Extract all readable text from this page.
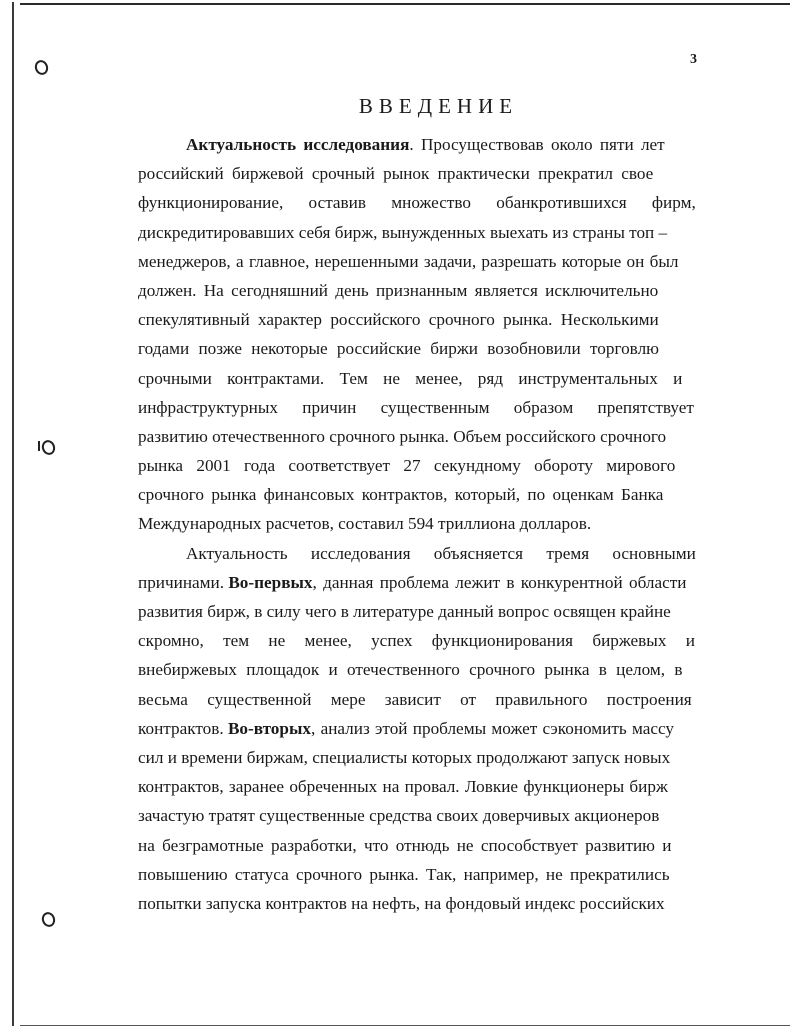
3
ВВЕДЕНИЕ
Актуальность исследования . Просуществовав около пяти лет
российский биржевой срочный рынок практически прекратил свое
функционирование, оставив множество обанкротившихся фирм,
дискредитировавших себя бирж, вынужденных выехать из страны топ –
менеджеров, а главное, нерешенными задачи, разрешать которые он был
должен. На сегодняшний день признанным является исключительно
спекулятивный характер российского срочного рынка. Несколькими
годами позже некоторые российские биржи возобновили торговлю
срочными контрактами. Тем не менее, ряд инструментальных и
инфраструктурных причин существенным образом препятствует
развитию отечественного срочного рынка. Объем российского срочного
рынка 2001 года соответствует 27 секундному обороту мирового
срочного рынка финансовых контрактов, который, по оценкам Банка
Международных расчетов, составил 594 триллиона долларов.
Актуальность исследования объясняется тремя основными
причинами. Во-первых , данная проблема лежит в конкурентной области
развития бирж, в силу чего в литературе данный вопрос освящен крайне
скромно, тем не менее, успех функционирования биржевых и
внебиржевых площадок и отечественного срочного рынка в целом, в
весьма существенной мере зависит от правильного построения
контрактов. Во-вторых , анализ этой проблемы может сэкономить массу
сил и времени биржам, специалисты которых продолжают запуск новых
контрактов, заранее обреченных на провал. Ловкие функционеры бирж
зачастую тратят существенные средства своих доверчивых акционеров
на безграмотные разработки, что отнюдь не способствует развитию и
повышению статуса срочного рынка. Так, например, не прекратились
попытки запуска контрактов на нефть, на фондовый индекс российских
